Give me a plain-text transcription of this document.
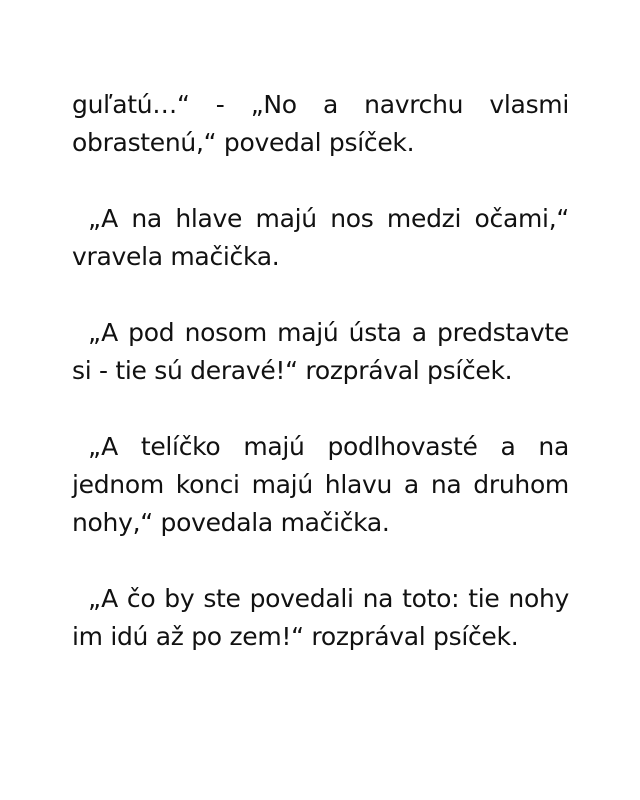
guľatú…“ - „No a navrchu vlasmi obrastenú,“ povedal psíček.

„A na hlave majú nos medzi očami,“ vravela mačička.

„A pod nosom majú ústa a predstavte si - tie sú deravé!“ rozprával psíček.

„A telíčko majú podlhovasté a na jednom konci majú hlavu a na druhom nohy,“ povedala mačička.

„A čo by ste povedali na toto: tie nohy im idú až po zem!“ rozprával psíček.
